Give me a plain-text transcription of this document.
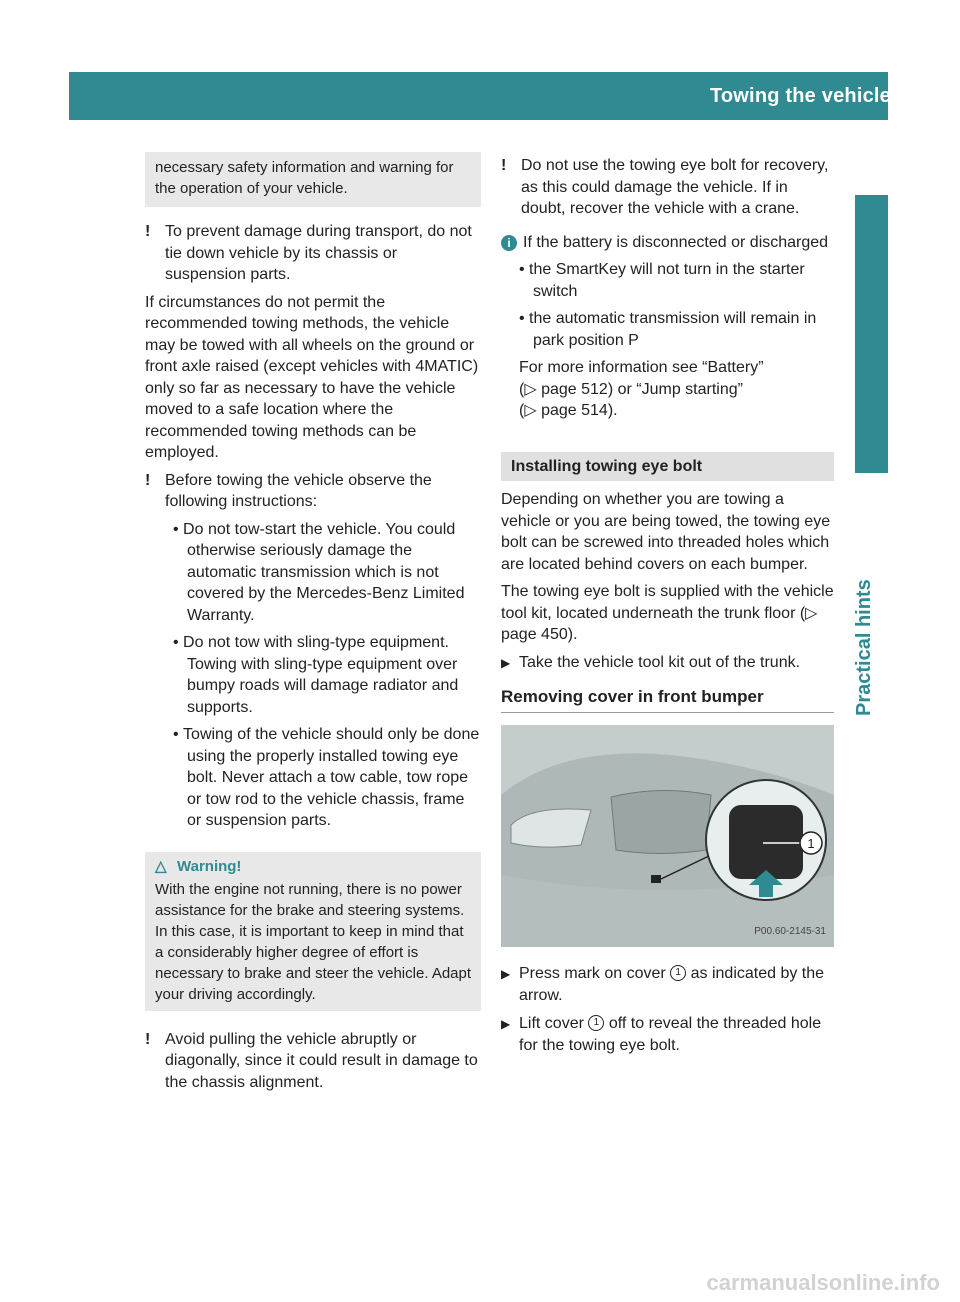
Towing the vehicle 517
Practical hints
necessary safety information and warning for the operation of your vehicle.
! To prevent damage during transport, do not tie down vehicle by its chassis or suspension parts.

If circumstances do not permit the recommended towing methods, the vehicle may be towed with all wheels on the ground or front axle raised (except vehicles with 4MATIC) only so far as necessary to have the vehicle moved to a safe location where the recommended towing methods can be employed.

! Before towing the vehicle observe the following instructions:
• Do not tow-start the vehicle. You could otherwise seriously damage the automatic transmission which is not covered by the Mercedes-Benz Limited Warranty.
• Do not tow with sling-type equipment. Towing with sling-type equipment over bumpy roads will damage radiator and supports.
• Towing of the vehicle should only be done using the properly installed towing eye bolt. Never attach a tow cable, tow rope or tow rod to the vehicle chassis, frame or suspension parts.
△ Warning!
With the engine not running, there is no power assistance for the brake and steering systems. In this case, it is important to keep in mind that a considerably higher degree of effort is necessary to brake and steer the vehicle. Adapt your driving accordingly.
! Avoid pulling the vehicle abruptly or diagonally, since it could result in damage to the chassis alignment.
! Do not use the towing eye bolt for recovery, as this could damage the vehicle. If in doubt, recover the vehicle with a crane.
i If the battery is disconnected or discharged
• the SmartKey will not turn in the starter switch
• the automatic transmission will remain in park position P
For more information see “Battery”
(▷ page 512) or “Jump starting”
(▷ page 514).
Installing towing eye bolt

Depending on whether you are towing a vehicle or you are being towed, the towing eye bolt can be screwed into threaded holes which are located behind covers on each bumper.

The towing eye bolt is supplied with the vehicle tool kit, located underneath the trunk floor (▷ page 450).

▶ Take the vehicle tool kit out of the trunk.
Removing cover in front bumper
1
P00.60-2145-31
▶ Press mark on cover 1 as indicated by the arrow.
▶ Lift cover 1 off to reveal the threaded hole for the towing eye bolt.
carmanualsonline.info
